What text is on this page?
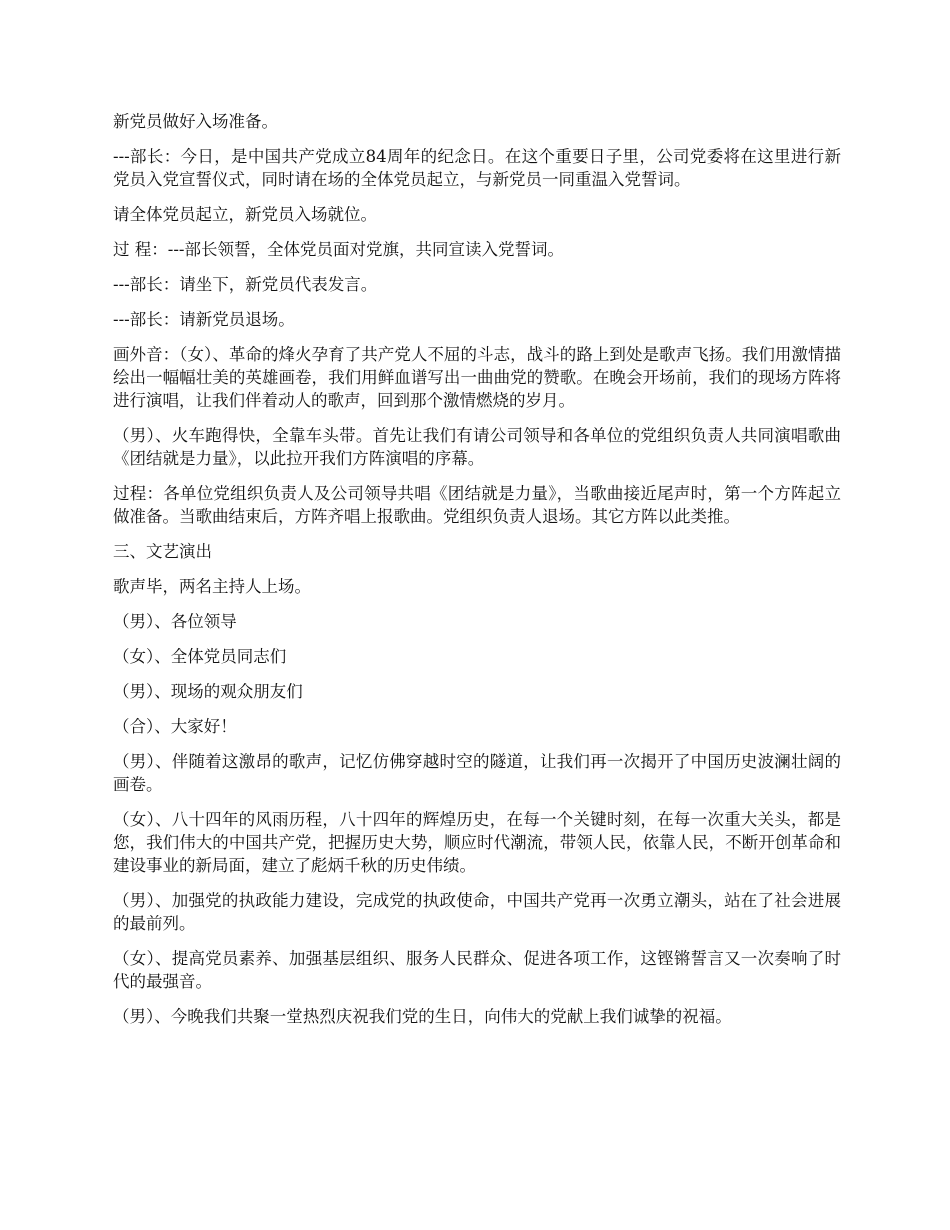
新党员做好入场准备。

---部长：今日，是中国共产党成立84周年的纪念日。在这个重要日子里，公司党委将在这里进行新党员入党宣誓仪式，同时请在场的全体党员起立，与新党员一同重温入党誓词。

请全体党员起立，新党员入场就位。

过 程：---部长领誓，全体党员面对党旗，共同宣读入党誓词。

---部长：请坐下，新党员代表发言。

---部长：请新党员退场。

画外音：（女）、革命的烽火孕育了共产党人不屈的斗志，战斗的路上到处是歌声飞扬。我们用激情描绘出一幅幅壮美的英雄画卷，我们用鲜血谱写出一曲曲党的赞歌。在晚会开场前，我们的现场方阵将进行演唱，让我们伴着动人的歌声，回到那个激情燃烧的岁月。

（男）、火车跑得快，全靠车头带。首先让我们有请公司领导和各单位的党组织负责人共同演唱歌曲《团结就是力量》，以此拉开我们方阵演唱的序幕。

过程：各单位党组织负责人及公司领导共唱《团结就是力量》，当歌曲接近尾声时，第一个方阵起立做准备。当歌曲结束后，方阵齐唱上报歌曲。党组织负责人退场。其它方阵以此类推。

三、文艺演出

歌声毕，两名主持人上场。

（男）、各位领导

（女）、全体党员同志们

（男）、现场的观众朋友们

（合）、大家好！

（男）、伴随着这激昂的歌声，记忆仿佛穿越时空的隧道，让我们再一次揭开了中国历史波澜壮阔的画卷。

（女）、八十四年的风雨历程，八十四年的辉煌历史，在每一个关键时刻，在每一次重大关头，都是您，我们伟大的中国共产党，把握历史大势，顺应时代潮流，带领人民，依靠人民，不断开创革命和建设事业的新局面，建立了彪炳千秋的历史伟绩。

（男）、加强党的执政能力建设，完成党的执政使命，中国共产党再一次勇立潮头，站在了社会进展的最前列。

（女）、提高党员素养、加强基层组织、服务人民群众、促进各项工作，这铿锵誓言又一次奏响了时代的最强音。

（男）、今晚我们共聚一堂热烈庆祝我们党的生日，向伟大的党献上我们诚挚的祝福。
